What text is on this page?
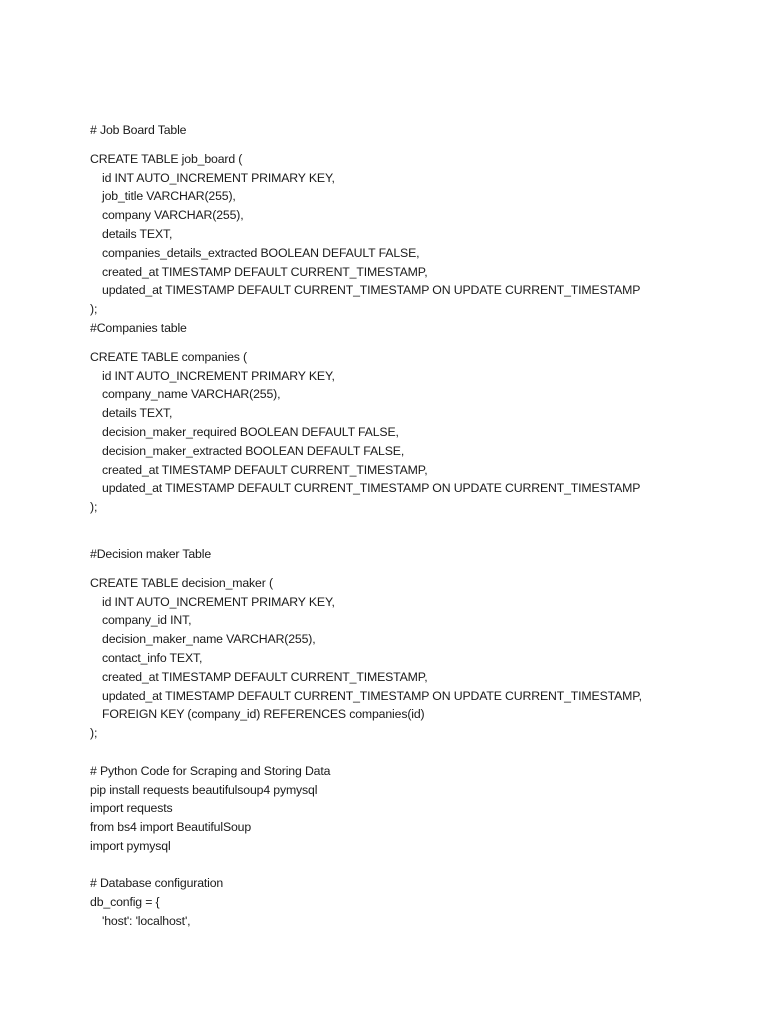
# Job Board Table
CREATE TABLE job_board (
id INT AUTO_INCREMENT PRIMARY KEY,
job_title VARCHAR(255),
company VARCHAR(255),
details TEXT,
companies_details_extracted BOOLEAN DEFAULT FALSE,
created_at TIMESTAMP DEFAULT CURRENT_TIMESTAMP,
updated_at TIMESTAMP DEFAULT CURRENT_TIMESTAMP ON UPDATE CURRENT_TIMESTAMP
);
#Companies table
CREATE TABLE companies (
id INT AUTO_INCREMENT PRIMARY KEY,
company_name VARCHAR(255),
details TEXT,
decision_maker_required BOOLEAN DEFAULT FALSE,
decision_maker_extracted BOOLEAN DEFAULT FALSE,
created_at TIMESTAMP DEFAULT CURRENT_TIMESTAMP,
updated_at TIMESTAMP DEFAULT CURRENT_TIMESTAMP ON UPDATE CURRENT_TIMESTAMP
);
#Decision maker Table
CREATE TABLE decision_maker (
id INT AUTO_INCREMENT PRIMARY KEY,
company_id INT,
decision_maker_name VARCHAR(255),
contact_info TEXT,
created_at TIMESTAMP DEFAULT CURRENT_TIMESTAMP,
updated_at TIMESTAMP DEFAULT CURRENT_TIMESTAMP ON UPDATE CURRENT_TIMESTAMP,
FOREIGN KEY (company_id) REFERENCES companies(id)
);
# Python Code for Scraping and Storing Data
pip install requests beautifulsoup4 pymysql
import requests
from bs4 import BeautifulSoup
import pymysql
# Database configuration
db_config = {
'host': 'localhost',
